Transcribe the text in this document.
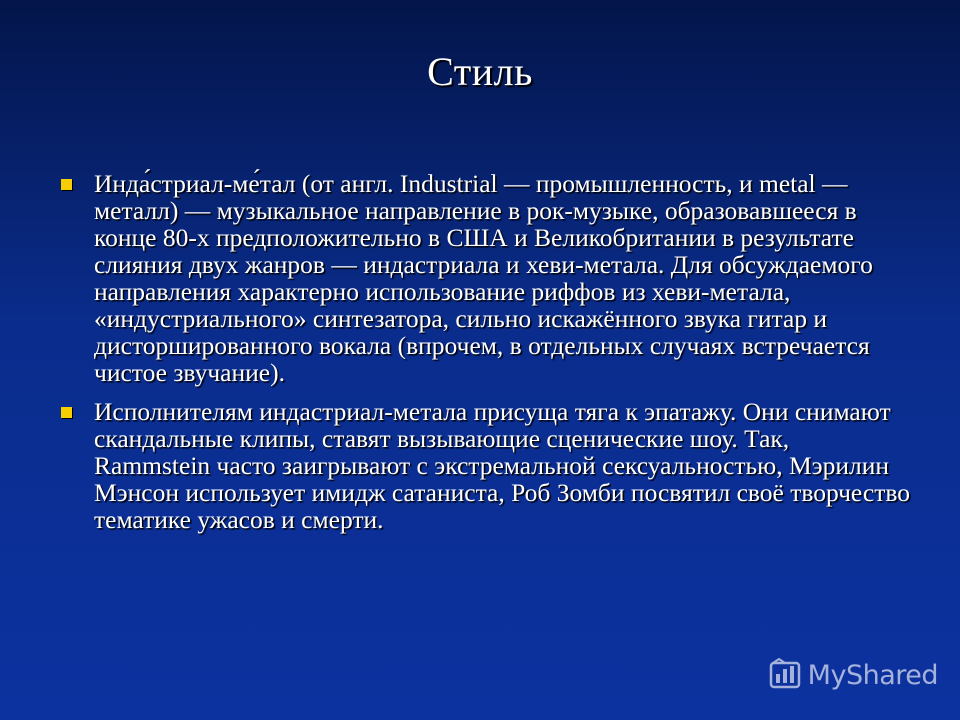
Стиль
Инда́стриал-ме́тал (от англ. Industrial — промышленность, и metal — металл) — музыкальное направление в рок-музыке, образовавшееся в конце 80-х предположительно в США и Великобритании в результате слияния двух жанров — индастриала и хеви-метала. Для обсуждаемого направления характерно использование риффов из хеви-метала, «индустриального» синтезатора, сильно искажённого звука гитар и дисторшированного вокала (впрочем, в отдельных случаях встречается чистое звучание).
Исполнителям индастриал-метала присуща тяга к эпатажу. Они снимают скандальные клипы, ставят вызывающие сценические шоу. Так, Rammstein часто заигрывают с экстремальной сексуальностью, Мэрилин Мэнсон использует имидж сатаниста, Роб Зомби посвятил своё творчество тематике ужасов и смерти.
MyShared
